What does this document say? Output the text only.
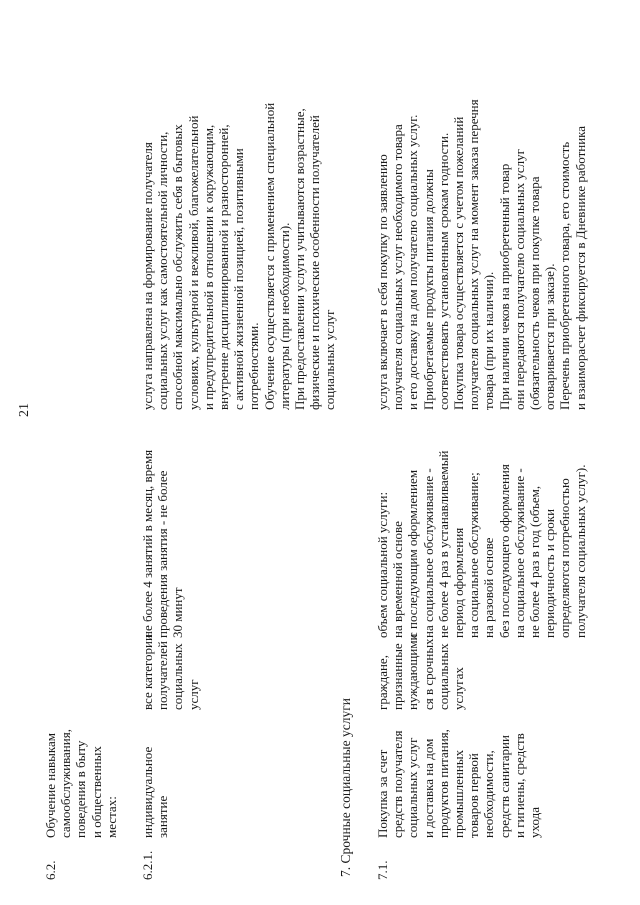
21
6.2.
Обучение навыкам самообслуживания, поведения в быту и общественных местах:
6.2.1.
индивидуальное занятие
все категории получателей социальных услуг
не более 4 занятий в месяц, время проведения занятия - не более 30 минут
услуга направлена на формирование получателя социальных услуг как самостоятельной личности, способной максимально обслужить себя в бытовых условиях, культурной и вежливой, благожелательной и предупредительной в отношении к окружающим, внутренне дисциплинированной и разносторонней, с активной жизненной позицией, позитивными потребностями. Обучение осуществляется с применением специальной литературы (при необходимости). При предоставлении услуги учитываются возрастные, физические и психические особенности получателей социальных услуг
7. Срочные социальные услуги 7.1.
Покупка за счет средств получателя социальных услуг и доставка на дом продуктов питания, промышленных товаров первой необходимости, средств санитарии и гигиены, средств ухода
граждане, признанные нуждающими ся в срочных социальных услугах
объем социальной услуги: на временной основе с последующим оформлением на социальное обслуживание - не более 4 раз в устанавливаемый период оформления на социальное обслуживание; на разовой основе без последующего оформления на социальное обслуживание - не более 4 раз в год (объем, периодичность и сроки определяются потребностью получателя социальных услуг).
услуга включает в себя покупку по заявлению получателя социальных услуг необходимого товара и его доставку на дом получателю социальных услуг. Приобретаемые продукты питания должны соответствовать установленным срокам годности. Покупка товара осуществляется с учетом пожеланий получателя социальных услуг на момент заказа перечня товара (при их наличии). При наличии чеков на приобретенный товар они передаются получателю социальных услуг (обязательность чеков при покупке товара оговаривается при заказе). Перечень приобретенного товара, его стоимость и взаиморасчет фиксируется в Дневнике работника
